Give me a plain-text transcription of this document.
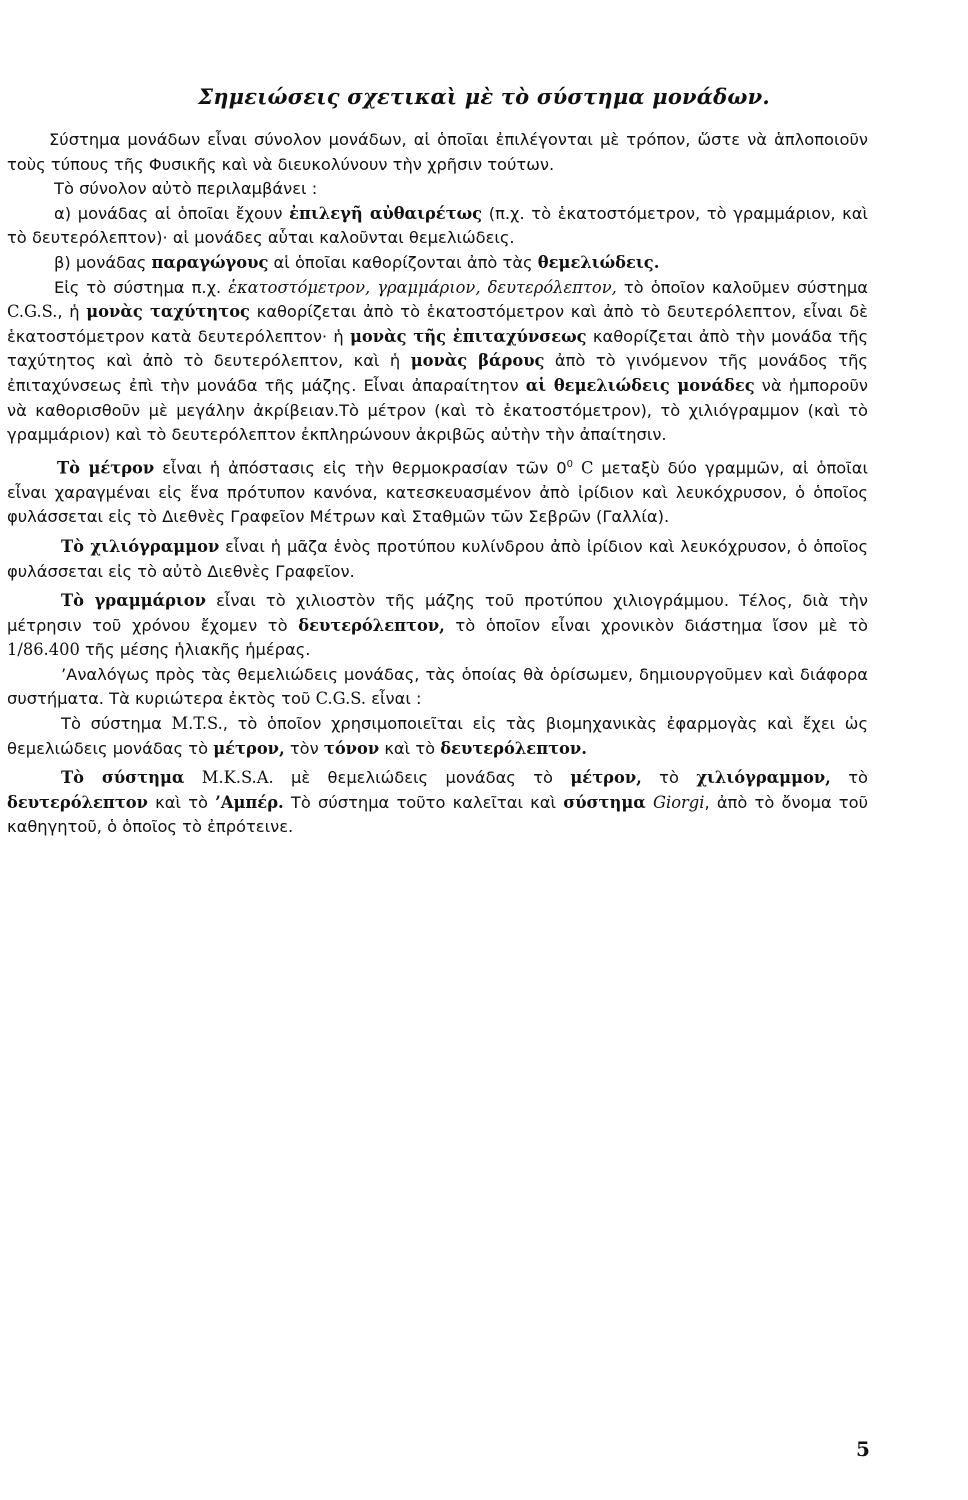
Σημειώσεις σχετικαὶ μὲ τὸ σύστημα μονάδων.

Σύστημα μονάδων εἶναι σύνολον μονάδων, αἱ ὁποῖαι ἐπιλέγονται μὲ τρόπον, ὥστε νὰ ἁπλοποιοῦν τοὺς τύπους τῆς Φυσικῆς καὶ νὰ διευκολύνουν τὴν χρῆσιν τούτων.

Τὸ σύνολον αὐτὸ περιλαμβάνει :

α) μονάδας αἱ ὁποῖαι ἔχουν ἐπιλεγῆ αὐθαιρέτως (π.χ. τὸ ἑκατοστόμετρον, τὸ γραμμάριον, καὶ τὸ δευτερόλεπτον)· αἱ μονάδες αὗται καλοῦνται θεμελιώδεις.

β) μονάδας παραγώγους αἱ ὁποῖαι καθορίζονται ἀπὸ τὰς θεμελιώδεις.

Εἰς τὸ σύστημα π.χ. ἑκατοστόμετρον, γραμμάριον, δευτερόλεπτον, τὸ ὁποῖον καλοῦμεν σύστημα C.G.S., ἡ μονὰς ταχύτητος καθορίζεται ἀπὸ τὸ ἑκατοστόμετρον καὶ ἀπὸ τὸ δευτερόλεπτον, εἶναι δὲ ἑκατοστόμετρον κατὰ δευτερόλεπτον· ἡ μονὰς τῆς ἐπιταχύνσεως καθορίζεται ἀπὸ τὴν μονάδα τῆς ταχύτητος καὶ ἀπὸ τὸ δευτερόλεπτον, καὶ ἡ μονὰς βάρους ἀπὸ τὸ γινόμενον τῆς μονάδος τῆς ἐπιταχύνσεως ἐπὶ τὴν μονάδα τῆς μάζης. Εἶναι ἀπαραίτητον αἱ θεμελιώδεις μονάδες νὰ ἠμποροῦν νὰ καθορισθοῦν μὲ μεγάλην ἀκρίβειαν.Τὸ μέτρον (καὶ τὸ ἑκατοστόμετρον), τὸ χιλιόγραμμον (καὶ τὸ γραμμάριον) καὶ τὸ δευτερόλεπτον ἐκπληρώνουν ἀκριβῶς αὐτὴν τὴν ἀπαίτησιν.

Τὸ μέτρον εἶναι ἡ ἀπόστασις εἰς τὴν θερμοκρασίαν τῶν $0^0$ C μεταξὺ δύο γραμμῶν, αἱ ὁποῖαι εἶναι χαραγμέναι εἰς ἕνα πρότυπον κανόνα, κατεσκευασμένον ἀπὸ ἰρίδιον καὶ λευκόχρυσον, ὁ ὁποῖος φυλάσσεται εἰς τὸ Διεθνὲς Γραφεῖον Μέτρων καὶ Σταθμῶν τῶν Σεβρῶν (Γαλλία).

Τὸ χιλιόγραμμον εἶναι ἡ μᾶζα ἑνὸς προτύπου κυλίνδρου ἀπὸ ἰρίδιον καὶ λευκόχρυσον, ὁ ὁποῖος φυλάσσεται εἰς τὸ αὐτὸ Διεθνὲς Γραφεῖον.

Τὸ γραμμάριον εἶναι τὸ χιλιοστὸν τῆς μάζης τοῦ προτύπου χιλιογράμμου. Τέλος, διὰ τὴν μέτρησιν τοῦ χρόνου ἔχομεν τὸ δευτερόλεπτον, τὸ ὁποῖον εἶναι χρονικὸν διάστημα ἴσον μὲ τὸ 1/86.400 τῆς μέσης ἡλιακῆς ἡμέρας.

’Αναλόγως πρὸς τὰς θεμελιώδεις μονάδας, τὰς ὁποίας θὰ ὁρίσωμεν, δημιουργοῦμεν καὶ διάφορα συστήματα. Τὰ κυριώτερα ἐκτὸς τοῦ C.G.S. εἶναι :

Τὸ σύστημα M.T.S., τὸ ὁποῖον χρησιμοποιεῖται εἰς τὰς βιομηχανικὰς ἐφαρμογὰς καὶ ἔχει ὡς θεμελιώδεις μονάδας τὸ μέτρον, τὸν τόνον καὶ τὸ δευτερόλεπτον.

Τὸ σύστημα M.K.S.A. μὲ θεμελιώδεις μονάδας τὸ μέτρον, τὸ χιλιόγραμμον, τὸ δευτερόλεπτον καὶ τὸ ’Αμπέρ. Τὸ σύστημα τοῦτο καλεῖται καὶ σύστημα Giorgi, ἀπὸ τὸ ὄνομα τοῦ καθηγητοῦ, ὁ ὁποῖος τὸ ἐπρότεινε.

5
